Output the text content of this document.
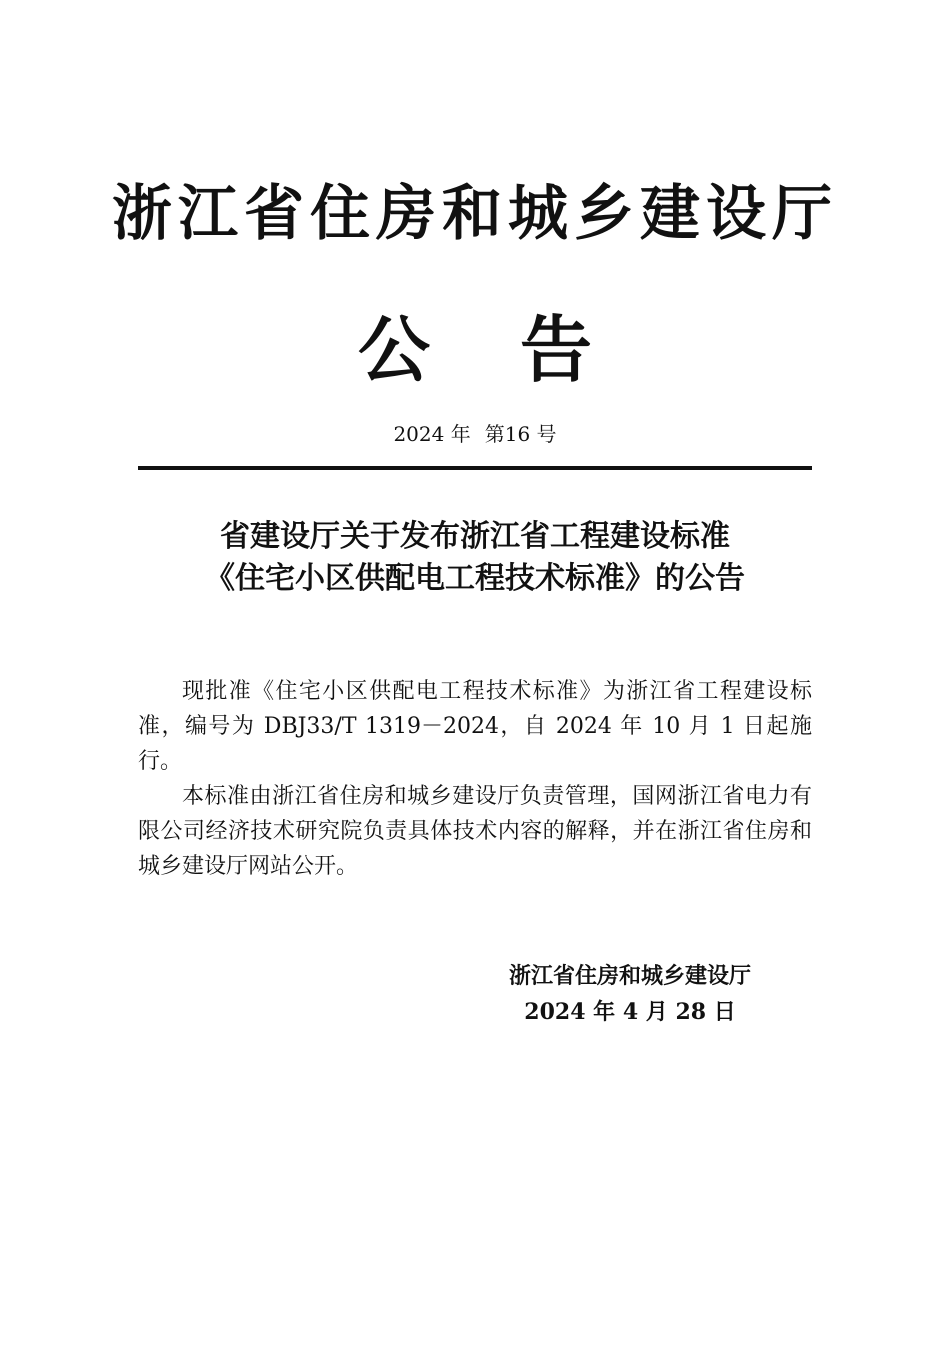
浙江省住房和城乡建设厅
公 告
2024 年 第16 号
省建设厅关于发布浙江省工程建设标准
《住宅小区供配电工程技术标准》的公告

现批准《住宅小区供配电工程技术标准》为浙江省工程建设标准，编号为 DBJ33/T 1319－2024，自 2024 年 10 月 1 日起施行。

本标准由浙江省住房和城乡建设厅负责管理，国网浙江省电力有限公司经济技术研究院负责具体技术内容的解释，并在浙江省住房和城乡建设厅网站公开。

浙江省住房和城乡建设厅
2024 年 4 月 28 日
